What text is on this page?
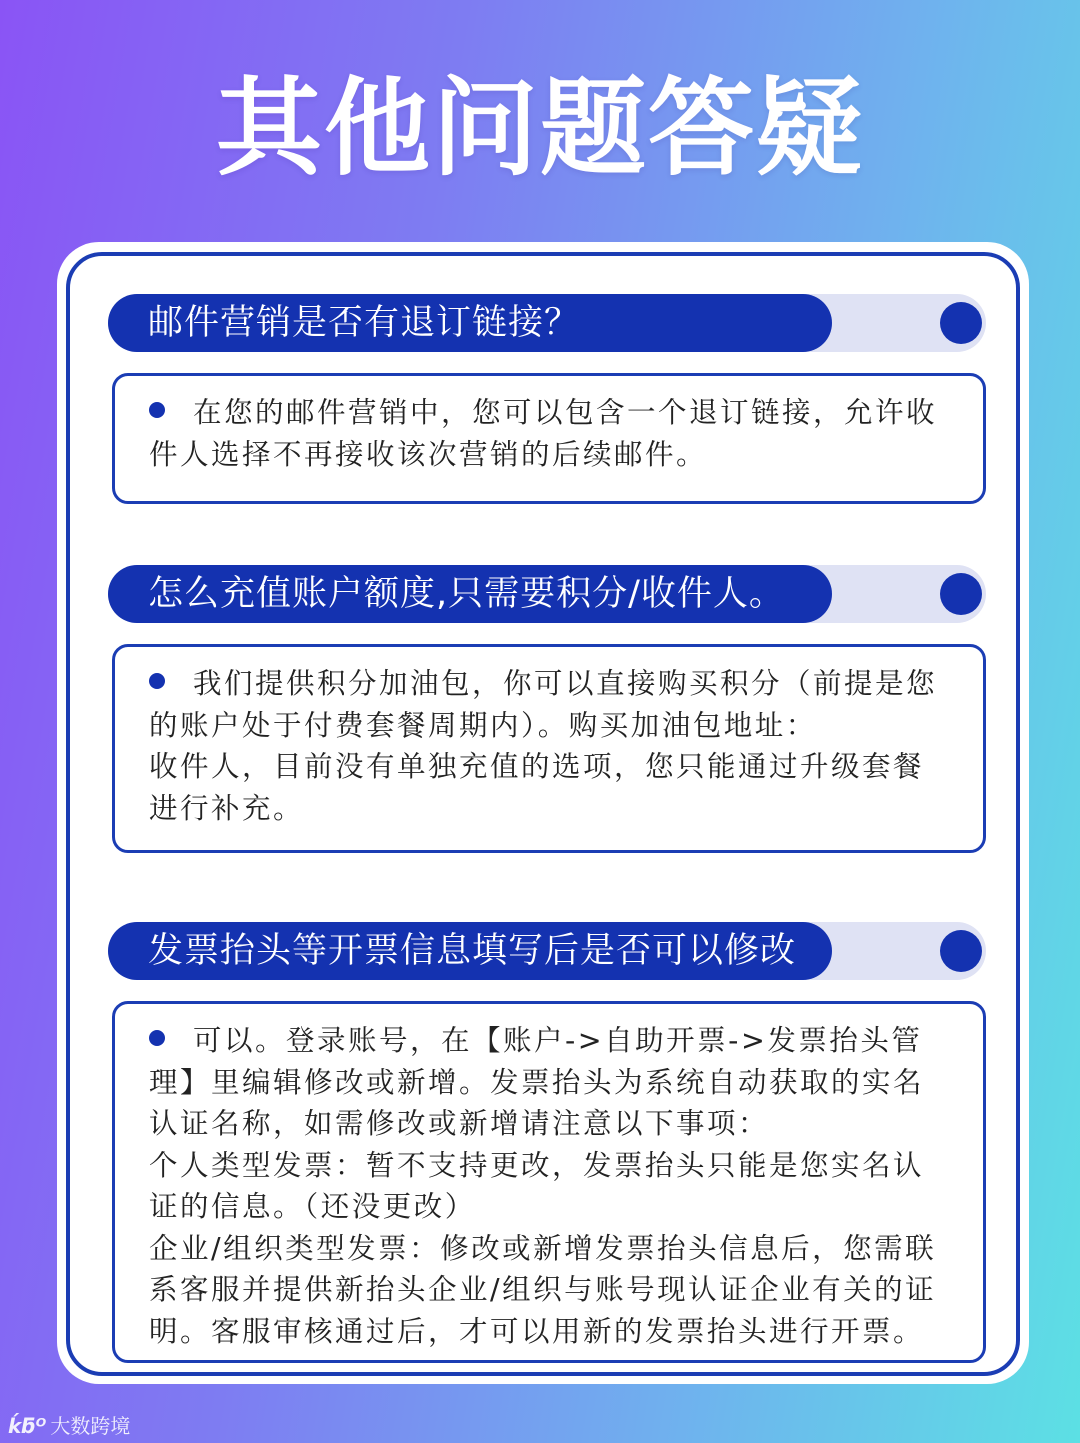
其他问题答疑
邮件营销是否有退订链接？
在您的邮件营销中，您可以包含一个退订链接，允许收件人选择不再接收该次营销的后续邮件。
怎么充值账户额度,只需要积分/收件人。
我们提供积分加油包，你可以直接购买积分（前提是您的账户处于付费套餐周期内）。购买加油包地址：
收件人，目前没有单独充值的选项，您只能通过升级套餐进行补充。
发票抬头等开票信息填写后是否可以修改
可以。登录账号，在【账户->自助开票->发票抬头管理】里编辑修改或新增。发票抬头为系统自动获取的实名认证名称，如需修改或新增请注意以下事项：
个人类型发票：暂不支持更改，发票抬头只能是您实名认证的信息。（还没更改）
企业/组织类型发票：修改或新增发票抬头信息后，您需联系客服并提供新抬头企业/组织与账号现认证企业有关的证明。客服审核通过后，才可以用新的发票抬头进行开票。
ḱƃᴼ 大数跨境
